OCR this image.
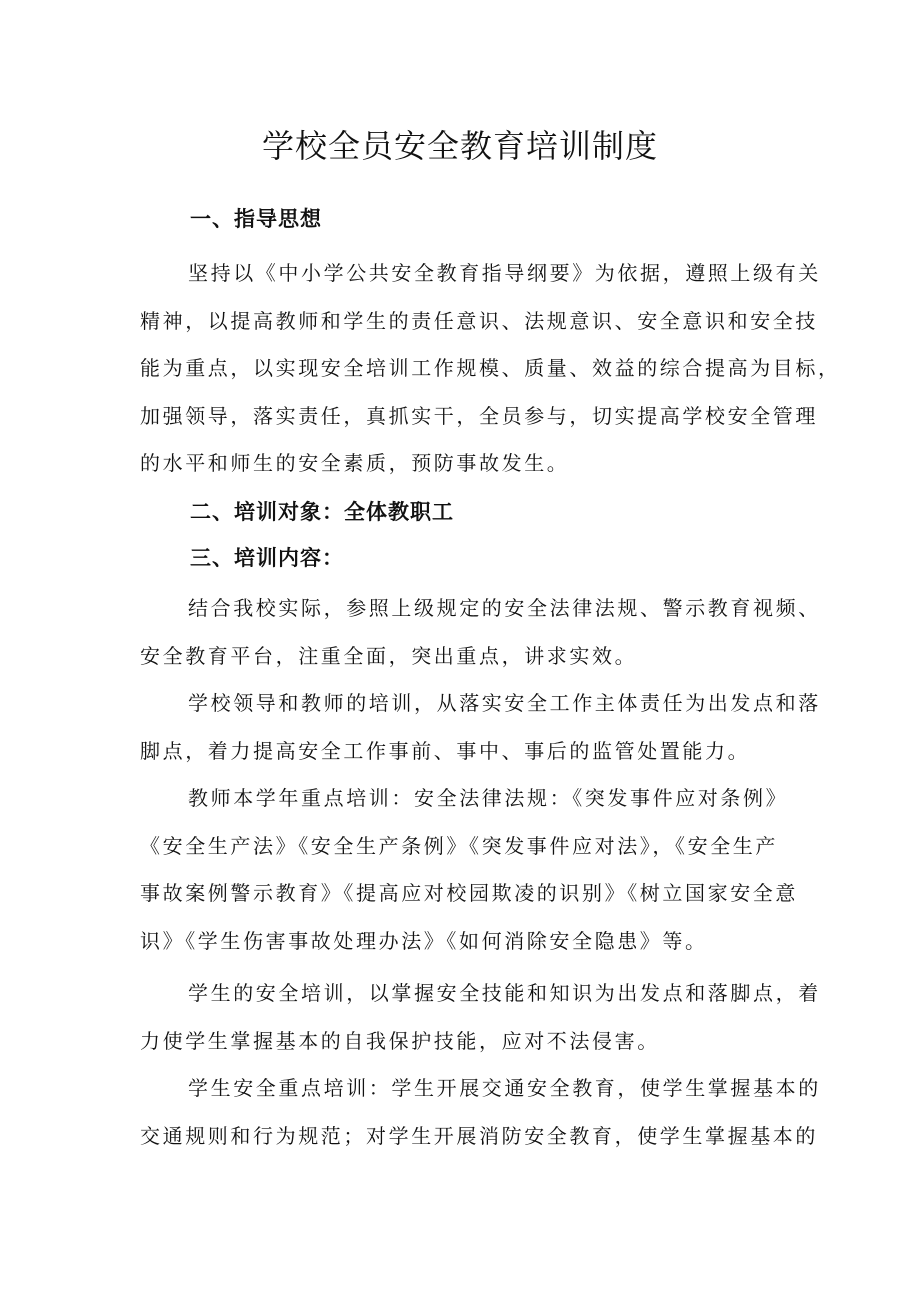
学校全员安全教育培训制度
一、指导思想

坚持以《中小学公共安全教育指导纲要》为依据，遵照上级有关
精神，以提高教师和学生的责任意识、法规意识、安全意识和安全技
能为重点，以实现安全培训工作规模、质量、效益的综合提高为目标，
加强领导，落实责任，真抓实干，全员参与，切实提高学校安全管理
的水平和师生的安全素质，预防事故发生。

二、培训对象：全体教职工
三、培训内容：

结合我校实际，参照上级规定的安全法律法规、警示教育视频、
安全教育平台，注重全面，突出重点，讲求实效。

学校领导和教师的培训，从落实安全工作主体责任为出发点和落
脚点，着力提高安全工作事前、事中、事后的监管处置能力。

教师本学年重点培训：安全法律法规：《突发事件应对条例》
《安全生产法》《安全生产条例》《突发事件应对法》，《安全生产
事故案例警示教育》《提高应对校园欺凌的识别》《树立国家安全意
识》《学生伤害事故处理办法》《如何消除安全隐患》等。

学生的安全培训，以掌握安全技能和知识为出发点和落脚点，着
力使学生掌握基本的自我保护技能，应对不法侵害。

学生安全重点培训：学生开展交通安全教育，使学生掌握基本的
交通规则和行为规范；对学生开展消防安全教育，使学生掌握基本的
